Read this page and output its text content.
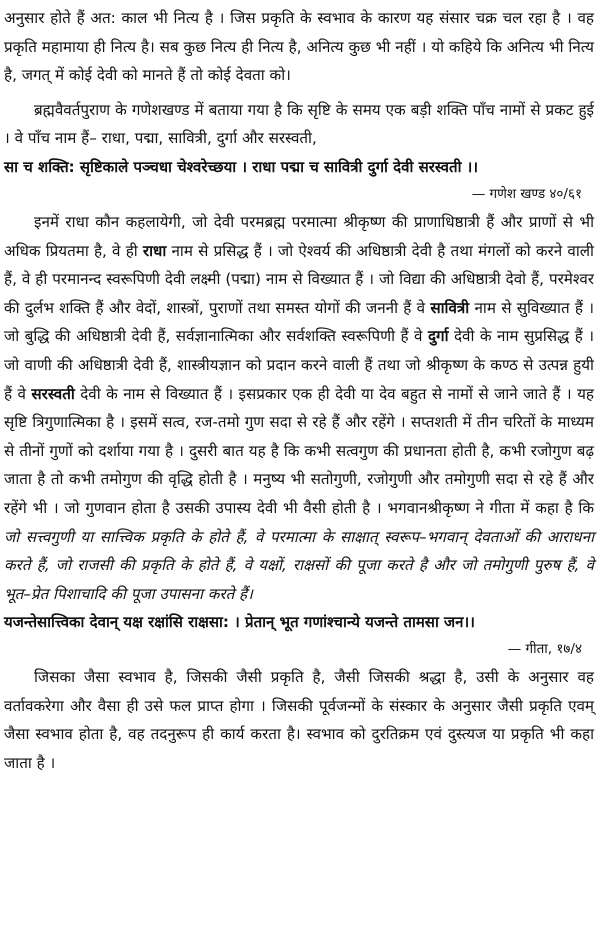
अनुसार होते हैं अत: काल भी नित्य है । जिस प्रकृति के स्वभाव के कारण यह संसार चक्र चल रहा है । वह प्रकृति महामाया ही नित्य है। सब कुछ नित्य ही नित्य है, अनित्य कुछ भी नहीं । यो कहिये कि अनित्य भी नित्य है, जगत् में कोई देवी को मानते हैं तो कोई देवता को।

ब्रह्मवैवर्तपुराण के गणेशखण्ड में बताया गया है कि सृष्टि के समय एक बड़ी शक्ति पाँच नामों से प्रकट हुई । वे पाँच नाम हैं– राधा, पद्मा, सावित्री, दुर्गा और सरस्वती,

सा च शक्ति: सृष्टिकाले पञ्चधा चेश्वरेच्छया । राधा पद्मा च सावित्री दुर्गा देवी सरस्वती ।।

— गणेश खण्ड ४०/६१

इनमें राधा कौन कहलायेगी, जो देवी परमब्रह्म परमात्मा श्रीकृष्ण की प्राणाधिष्ठात्री हैं और प्राणों से भी अधिक प्रियतमा है, वे ही राधा नाम से प्रसिद्ध हैं । जो ऐश्वर्य की अधिष्ठात्री देवी है तथा मंगलों को करने वाली हैं, वे ही परमानन्द स्वरूपिणी देवी लक्ष्मी (पद्मा) नाम से विख्यात हैं । जो विद्या की अधिष्ठात्री देवो हैं, परमेश्वर की दुर्लभ शक्ति हैं और वेदों, शास्त्रों, पुराणों तथा समस्त योगों की जननी हैं वे सावित्री नाम से सुविख्यात हैं । जो बुद्धि की अधिष्ठात्री देवी हैं, सर्वज्ञानात्मिका और सर्वशक्ति स्वरूपिणी हैं वे दुर्गा देवी के नाम सुप्रसिद्ध हैं । जो वाणी की अधिष्ठात्री देवी हैं, शास्त्रीयज्ञान को प्रदान करने वाली हैं तथा जो श्रीकृष्ण के कण्ठ से उत्पन्न हुयी हैं वे सरस्वती देवी के नाम से विख्यात हैं । इसप्रकार एक ही देवी या देव बहुत से नामों से जाने जाते हैं । यह सृष्टि त्रिगुणात्मिका है । इसमें सत्व, रज-तमो गुण सदा से रहे हैं और रहेंगे । सप्तशती में तीन चरितों के माध्यम से तीनों गुणों को दर्शाया गया है । दुसरी बात यह है कि कभी सत्वगुण की प्रधानता होती है, कभी रजोगुण बढ़ जाता है तो कभी तमोगुण की वृद्धि होती है । मनुष्य भी सतोगुणी, रजोगुणी और तमोगुणी सदा से रहे हैं और रहेंगे भी । जो गुणवान होता है उसकी उपास्य देवी भी वैसी होती है । भगवानश्रीकृष्ण ने गीता में कहा है कि जो सत्त्वगुणी या सात्त्विक प्रकृति के होते हैं, वे परमात्मा के साक्षात् स्वरूप–भगवान् देवताओं की आराधना करते हैं, जो राजसी की प्रकृति के होते हैं, वे यक्षों, राक्षसों की पूजा करते है और जो तमोगुणी पुरुष हैं, वे भूत–प्रेत पिशाचादि की पूजा उपासना करते हैं।

यजन्तेसात्त्विका देवान् यक्ष रक्षांसि राक्षसा: । प्रेतान् भूत गणांश्चान्ये यजन्ते तामसा जन।।

— गीता, १७/४

जिसका जैसा स्वभाव है, जिसकी जैसी प्रकृति है, जैसी जिसकी श्रद्धा है, उसी के अनुसार वह वर्तावकरेगा और वैसा ही उसे फल प्राप्त होगा । जिसकी पूर्वजन्मों के संस्कार के अनुसार जैसी प्रकृति एवम् जैसा स्वभाव होता है, वह तदनुरूप ही कार्य करता है। स्वभाव को दुरतिक्रम एवं दुस्त्यज या प्रकृति भी कहा जाता है ।
